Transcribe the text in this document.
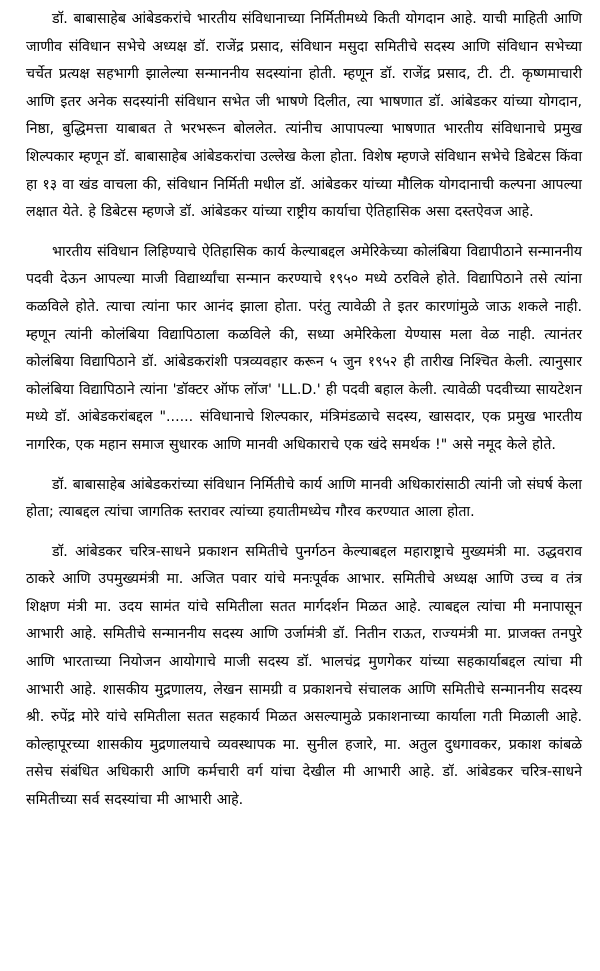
डॉ. बाबासाहेब आंबेडकरांचे भारतीय संविधानाच्या निर्मितीमध्ये किती योगदान आहे. याची माहिती आणि जाणीव संविधान सभेचे अध्यक्ष डॉ. राजेंद्र प्रसाद, संविधान मसुदा समितीचे सदस्य आणि संविधान सभेच्या चर्चेत प्रत्यक्ष सहभागी झालेल्या सन्माननीय सदस्यांना होती. म्हणून डॉ. राजेंद्र प्रसाद, टी. टी. कृष्णमाचारी आणि इतर अनेक सदस्यांनी संविधान सभेत जी भाषणे दिलीत, त्या भाषणात डॉ. आंबेडकर यांच्या योगदान, निष्ठा, बुद्धिमत्ता याबाबत ते भरभरून बोललेत. त्यांनीच आपापल्या भाषणात भारतीय संविधानाचे प्रमुख शिल्पकार म्हणून डॉ. बाबासाहेब आंबेडकरांचा उल्लेख केला होता. विशेष म्हणजे संविधान सभेचे डिबेटस किंवा हा १३ वा खंड वाचला की, संविधान निर्मिती मधील डॉ. आंबेडकर यांच्या मौलिक योगदानाची कल्पना आपल्या लक्षात येते. हे डिबेटस म्हणजे डॉ. आंबेडकर यांच्या राष्ट्रीय कार्याचा ऐतिहासिक असा दस्तऐवज आहे.

भारतीय संविधान लिहिण्याचे ऐतिहासिक कार्य केल्याबद्दल अमेरिकेच्या कोलंबिया विद्यापीठाने सन्माननीय पदवी देऊन आपल्या माजी विद्यार्थ्यांचा सन्मान करण्याचे १९५० मध्ये ठरविले होते. विद्यापिठाने तसे त्यांना कळविले होते. त्याचा त्यांना फार आनंद झाला होता. परंतु त्यावेळी ते इतर कारणांमुळे जाऊ शकले नाही. म्हणून त्यांनी कोलंबिया विद्यापिठाला कळविले की, सध्या अमेरिकेला येण्यास मला वेळ नाही. त्यानंतर कोलंबिया विद्यापिठाने डॉ. आंबेडकरांशी पत्रव्यवहार करून ५ जुन १९५२ ही तारीख निश्चित केली. त्यानुसार कोलंबिया विद्यापिठाने त्यांना 'डॉक्टर ऑफ लॉज' 'LL.D.' ही पदवी बहाल केली. त्यावेळी पदवीच्या सायटेशन मध्ये डॉ. आंबेडकरांबद्दल "...... संविधानाचे शिल्पकार, मंत्रिमंडळाचे सदस्य, खासदार, एक प्रमुख भारतीय नागरिक, एक महान समाज सुधारक आणि मानवी अधिकाराचे एक खंदे समर्थक !" असे नमूद केले होते.

डॉ. बाबासाहेब आंबेडकरांच्या संविधान निर्मितीचे कार्य आणि मानवी अधिकारांसाठी त्यांनी जो संघर्ष केला होता; त्याबद्दल त्यांचा जागतिक स्तरावर त्यांच्या हयातीमध्येच गौरव करण्यात आला होता.

डॉ. आंबेडकर चरित्र-साधने प्रकाशन समितीचे पुनर्गठन केल्याबद्दल महाराष्ट्राचे मुख्यमंत्री मा. उद्धवराव ठाकरे आणि उपमुख्यमंत्री मा. अजित पवार यांचे मनःपूर्वक आभार. समितीचे अध्यक्ष आणि उच्च व तंत्र शिक्षण मंत्री मा. उदय सामंत यांचे समितीला सतत मार्गदर्शन मिळत आहे. त्याबद्दल त्यांचा मी मनापासून आभारी आहे. समितीचे सन्माननीय सदस्य आणि उर्जामंत्री डॉ. नितीन राऊत, राज्यमंत्री मा. प्राजक्त तनपुरे आणि भारताच्या नियोजन आयोगाचे माजी सदस्य डॉ. भालचंद्र मुणगेकर यांच्या सहकार्याबद्दल त्यांचा मी आभारी आहे. शासकीय मुद्रणालय, लेखन सामग्री व प्रकाशनचे संचालक आणि समितीचे सन्माननीय सदस्य श्री. रुपेंद्र मोरे यांचे समितीला सतत सहकार्य मिळत असल्यामुळे प्रकाशनाच्या कार्याला गती मिळाली आहे. कोल्हापूरच्या शासकीय मुद्रणालयाचे व्यवस्थापक मा. सुनील हजारे, मा. अतुल दुधगावकर, प्रकाश कांबळे तसेच संबंधित अधिकारी आणि कर्मचारी वर्ग यांचा देखील मी आभारी आहे. डॉ. आंबेडकर चरित्र-साधने समितीच्या सर्व सदस्यांचा मी आभारी आहे.
